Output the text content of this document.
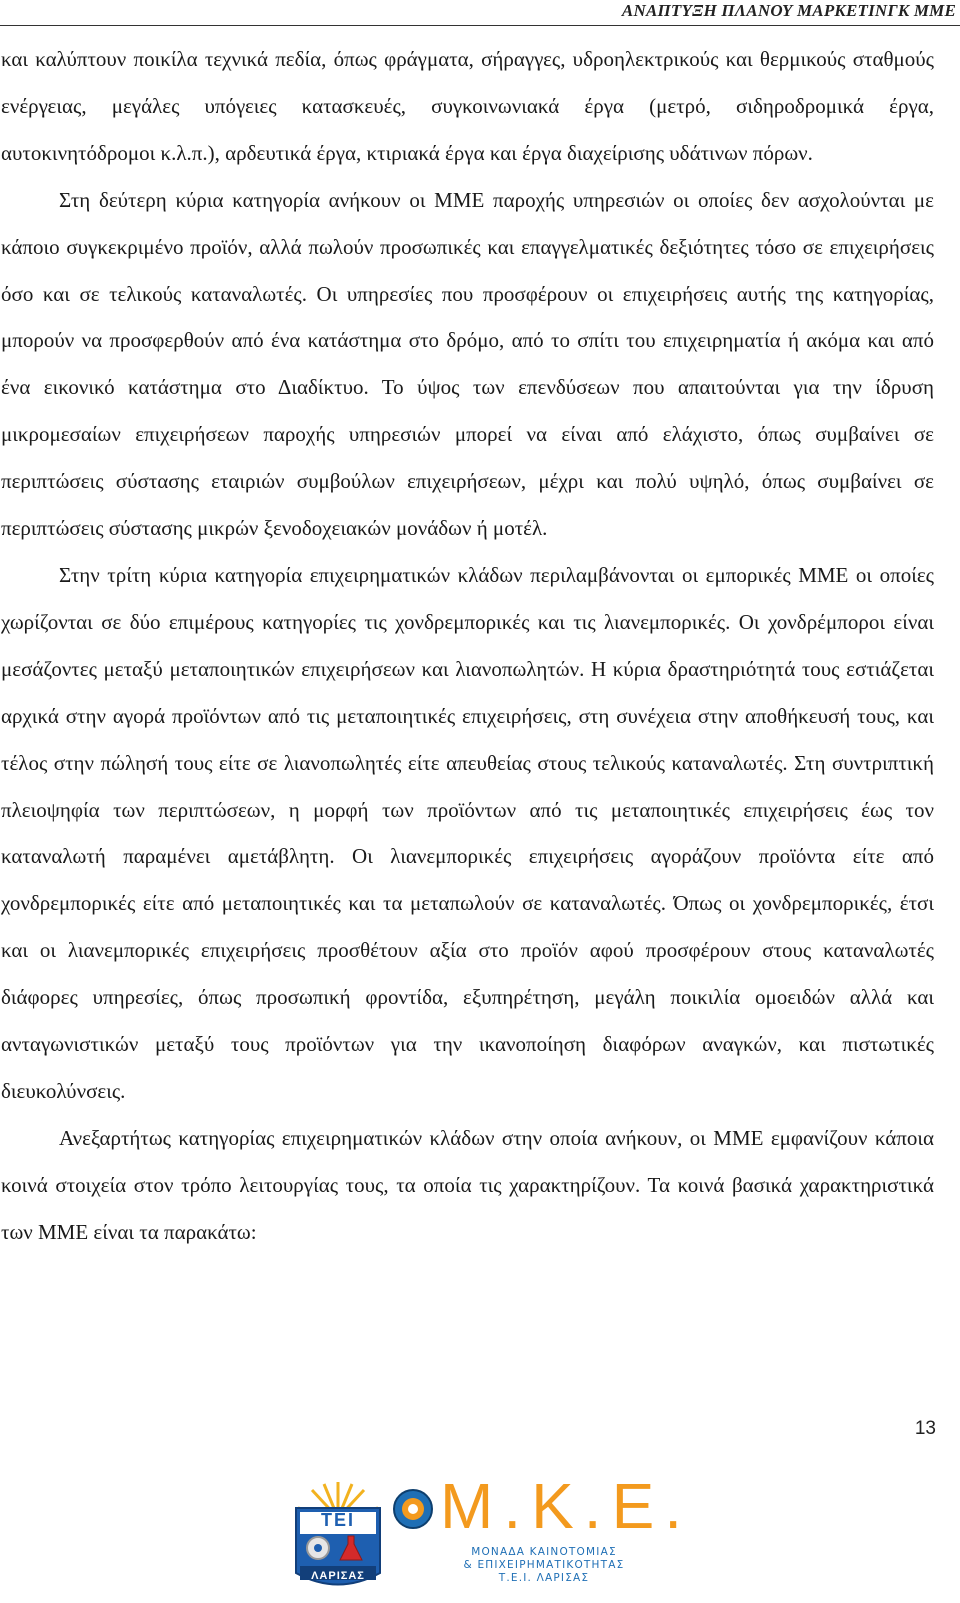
ΑΝΑΠΤΥΞΗ ΠΛΑΝΟΥ ΜΑΡΚΕΤΙΝΓΚ ΜΜΕ

και καλύπτουν ποικίλα τεχνικά πεδία, όπως φράγματα, σήραγγες, υδροηλεκτρικούς και θερμικούς σταθμούς ενέργειας, μεγάλες υπόγειες κατασκευές, συγκοινωνιακά έργα (μετρό, σιδηροδρομικά έργα, αυτοκινητόδρομοι κ.λ.π.), αρδευτικά έργα, κτιριακά έργα και έργα διαχείρισης υδάτινων πόρων.

Στη δεύτερη κύρια κατηγορία ανήκουν οι ΜΜΕ παροχής υπηρεσιών οι οποίες δεν ασχολούνται με κάποιο συγκεκριμένο προϊόν, αλλά πωλούν προσωπικές και επαγγελματικές δεξιότητες τόσο σε επιχειρήσεις όσο και σε τελικούς καταναλωτές. Οι υπηρεσίες που προσφέρουν οι επιχειρήσεις αυτής της κατηγορίας, μπορούν να προσφερθούν από ένα κατάστημα στο δρόμο, από το σπίτι του επιχειρηματία ή ακόμα και από ένα εικονικό κατάστημα στο Διαδίκτυο. Το ύψος των επενδύσεων που απαιτούνται για την ίδρυση μικρομεσαίων επιχειρήσεων παροχής υπηρεσιών μπορεί να είναι από ελάχιστο, όπως συμβαίνει σε περιπτώσεις σύστασης εταιριών συμβούλων επιχειρήσεων, μέχρι και πολύ υψηλό, όπως συμβαίνει σε περιπτώσεις σύστασης μικρών ξενοδοχειακών μονάδων ή μοτέλ.

Στην τρίτη κύρια κατηγορία επιχειρηματικών κλάδων περιλαμβάνονται οι εμπορικές ΜΜΕ οι οποίες χωρίζονται σε δύο επιμέρους κατηγορίες τις χονδρεμπορικές και τις λιανεμπορικές. Οι χονδρέμποροι είναι μεσάζοντες μεταξύ μεταποιητικών επιχειρήσεων και λιανοπωλητών. Η κύρια δραστηριότητά τους εστιάζεται αρχικά στην αγορά προϊόντων από τις μεταποιητικές επιχειρήσεις, στη συνέχεια στην αποθήκευσή τους, και τέλος στην πώλησή τους είτε σε λιανοπωλητές είτε απευθείας στους τελικούς καταναλωτές. Στη συντριπτική πλειοψηφία των περιπτώσεων, η μορφή των προϊόντων από τις μεταποιητικές επιχειρήσεις έως τον καταναλωτή παραμένει αμετάβλητη. Οι λιανεμπορικές επιχειρήσεις αγοράζουν προϊόντα είτε από χονδρεμπορικές είτε από μεταποιητικές και τα μεταπωλούν σε καταναλωτές. Όπως οι χονδρεμπορικές, έτσι και οι λιανεμπορικές επιχειρήσεις προσθέτουν αξία στο προϊόν αφού προσφέρουν στους καταναλωτές διάφορες υπηρεσίες, όπως προσωπική φροντίδα, εξυπηρέτηση, μεγάλη ποικιλία ομοειδών αλλά και ανταγωνιστικών μεταξύ τους προϊόντων για την ικανοποίηση διαφόρων αναγκών, και πιστωτικές διευκολύνσεις.

Ανεξαρτήτως κατηγορίας επιχειρηματικών κλάδων στην οποία ανήκουν, οι ΜΜΕ εμφανίζουν κάποια κοινά στοιχεία στον τρόπο λειτουργίας τους, τα οποία τις χαρακτηρίζουν. Τα κοινά βασικά χαρακτηριστικά των ΜΜΕ είναι τα παρακάτω:

13
ΤΕΙ
ΛΑΡΙΣΑΣ
Μ.Κ.Ε.
ΜΟΝΑΔΑ ΚΑΙΝΟΤΟΜΙΑΣ
& ΕΠΙΧΕΙΡΗΜΑΤΙΚΟΤΗΤΑΣ
Τ.Ε.Ι. ΛΑΡΙΣΑΣ
